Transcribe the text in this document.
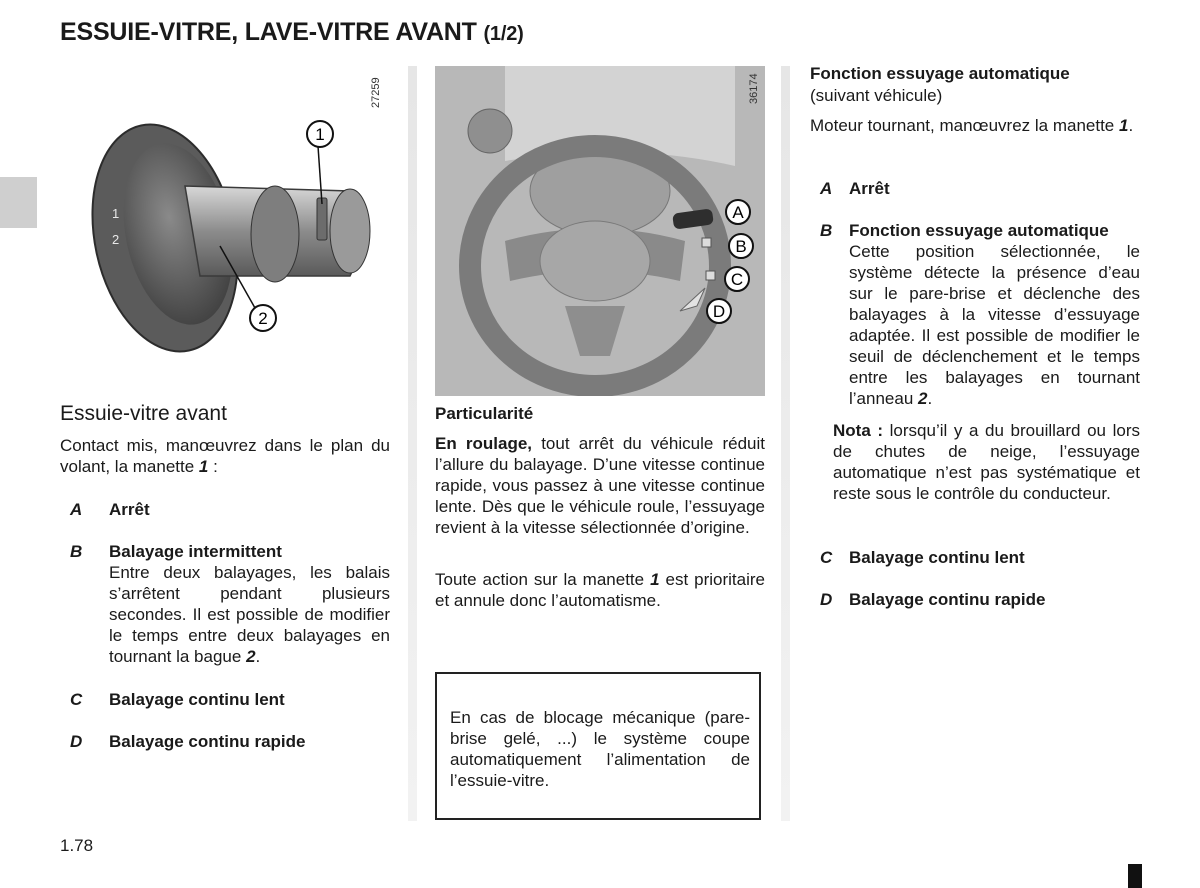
ESSUIE-VITRE, LAVE-VITRE AVANT (1/2)
1
2
1
2
27259
A
B
C
D
36174
Essuie-vitre avant
Contact mis, manœuvrez dans le plan du volant, la manette 1 :
A Arrêt
B Balayage intermittent
Entre deux balayages, les balais s’arrêtent pendant plusieurs secondes. Il est possible de modifier le temps entre deux balayages en tournant la bague 2.
C Balayage continu lent
D Balayage continu rapide
Particularité
En roulage, tout arrêt du véhicule réduit l’allure du balayage. D’une vitesse continue rapide, vous passez à une vitesse continue lente. Dès que le véhicule roule, l’essuyage revient à la vitesse sélectionnée d’origine.
Toute action sur la manette 1 est prioritaire et annule donc l’automatisme.
En cas de blocage mécanique (pare-brise gelé, ...) le système coupe automatiquement l’alimentation de l’essuie-vitre.
Fonction essuyage automatique
(suivant véhicule)
Moteur tournant, manœuvrez la manette 1.
A Arrêt
B Fonction essuyage automatique
Cette position sélectionnée, le système détecte la présence d’eau sur le pare-brise et déclenche des balayages à la vitesse d’essuyage adaptée. Il est possible de modifier le seuil de déclenchement et le temps entre les balayages en tournant l’anneau 2.
Nota : lorsqu’il y a du brouillard ou lors de chutes de neige, l’essuyage automatique n’est pas systématique et reste sous le contrôle du conducteur.
C Balayage continu lent
D Balayage continu rapide
1.78
